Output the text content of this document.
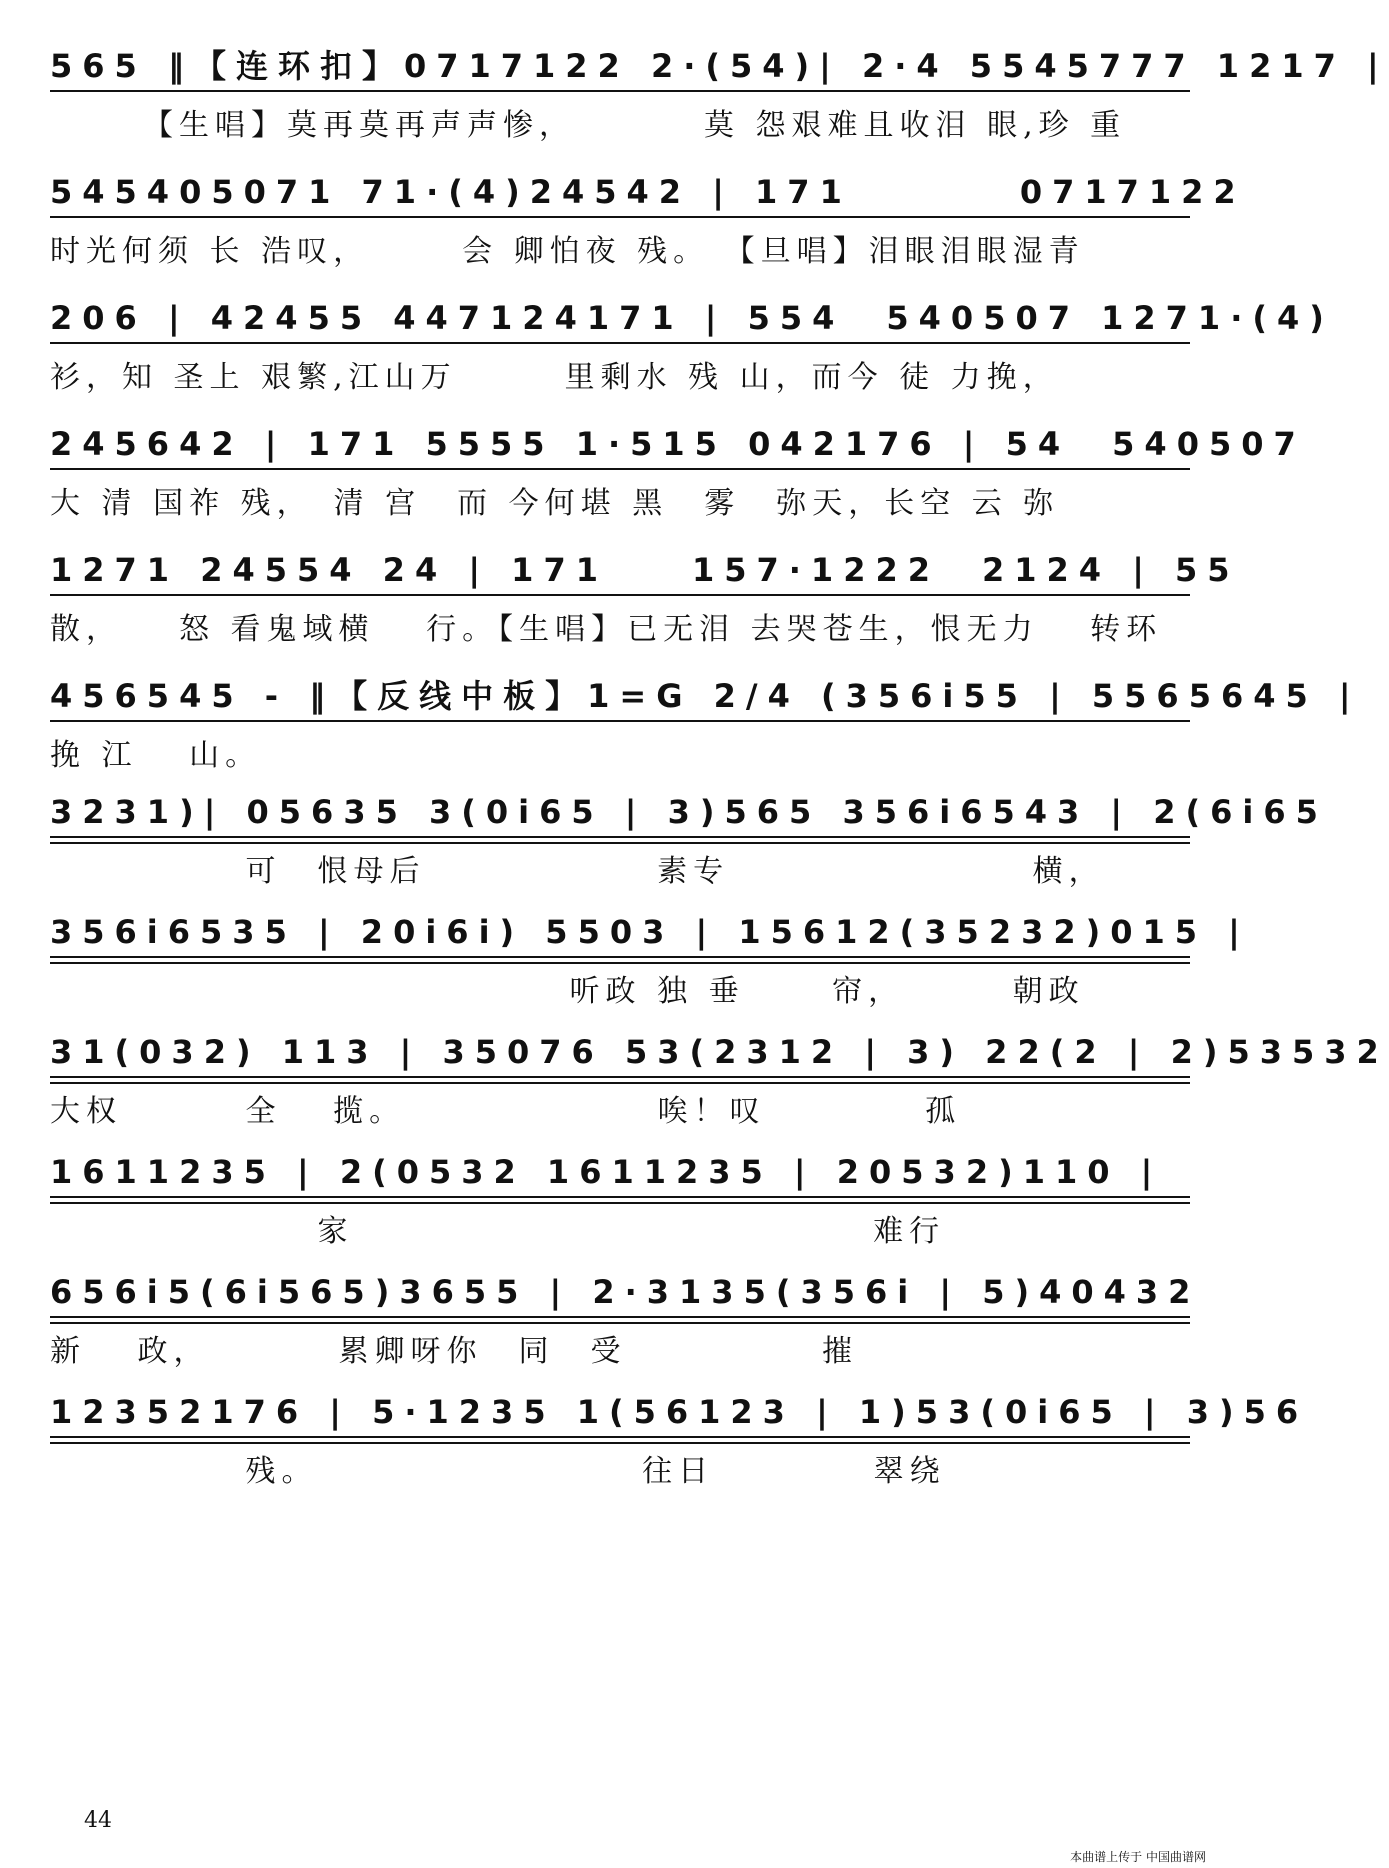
565 ‖【连环扣】0717122 2·(54)| 2·4 5545777 1217 |
　　　【生唱】莫再莫再声声惨，　　　　莫 怨艰难且收泪 眼,珍 重
545405071 71·(4)24542 | 171　　　　0717122
时光何须 长 浩叹，　　　会 卿怕夜 残。 【旦唱】泪眼泪眼湿青
206 | 42455 447124171 | 554　540507 1271·(4)
衫，知 圣上 艰繁,江山万　　　里剩水 残 山，而今 徒 力挽，
245642 | 171 5555 1·515 042176 | 54　540507
大 清 国祚 残，　清 宫　而 今何堪 黑　雾　弥天，长空 云 弥
1271 24554 24 | 171　　157·1222　2124 | 55
散，　　怒 看鬼域横　 行。【生唱】已无泪 去哭苍生，恨无力　 转环
456545 - ‖【反线中板】1=G 2/4 (356i55 | 5565645 |
挽 江　 山。
3231)| 05635 3(0i65 | 3)565 356i6543 | 2(6i65
　　　　　 可　恨母后　　　　　　 素专　　　　　　　　 横，
356i6535 | 20i6i) 5503 | 15612(35232)015 |
　　　　　　　　　　　　　　 听政 独 垂　　 帘，　　　 朝政
31(032) 113 | 35076 53(2312 | 3) 22(2 | 2)53532
大权　　　 全　 揽。　　　　　　　 唉！叹　　　　 孤
1611235 | 2(0532 1611235 | 20532)110 |
　　　　　　　 家　　　　　　　　　　　　　　 难行
656i5(6i565)3655 | 2·3135(356i | 5)40432
新　 政，　　　　累卿呀你　同　受　　　　　 摧
12352176 | 5·1235 1(56123 | 1)53(0i65 | 3)56
　　　　　 残。　　　　　　　　　 往日　　　　 翠绕
44
本曲谱上传于 中国曲谱网
